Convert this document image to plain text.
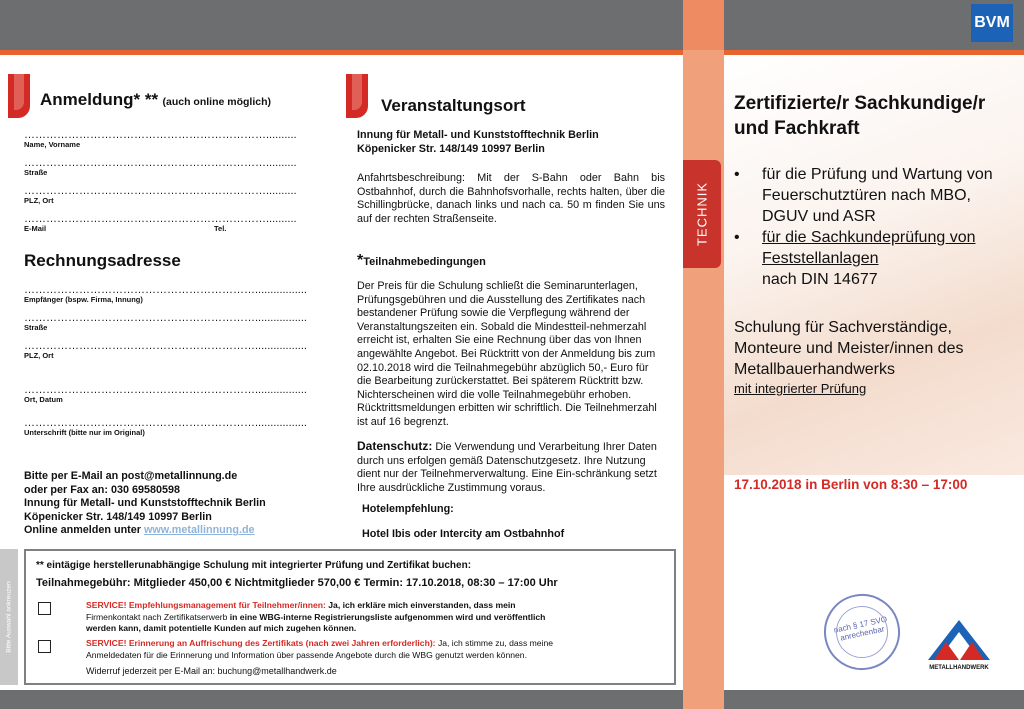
TECHNIK
BVM
Anmeldung* ** (auch online möglich)
…………………………………………………………..........
Name, Vorname
…………………………………………………………..........
Straße
…………………………………………………………..........
PLZ, Ort
…………………………………………………………..........
E-Mail	Tel.
Rechnungsadresse
……………………………………………………….................
Empfänger (bspw. Firma, Innung)
……………………………………………………….................
Straße
……………………………………………………….................
PLZ, Ort
……………………………………………………….................
Ort, Datum
……………………………………………………….................
Unterschrift (bitte nur im Original)
Bitte per E-Mail an post@metallinnung.de
oder per Fax an: 030 69580598
Innung für Metall- und Kunststofftechnik Berlin
Köpenicker Str. 148/149 10997 Berlin
Online anmelden unter www.metallinnung.de
Veranstaltungsort
Innung für Metall- und Kunststofftechnik Berlin
Köpenicker Str. 148/149 10997 Berlin
Anfahrtsbeschreibung: Mit der S-Bahn oder Bahn bis Ostbahnhof, durch die Bahnhofsvorhalle, rechts halten, über die Schillingbrücke, danach links und nach ca. 50 m finden Sie uns auf der rechten Straßenseite.
*Teilnahmebedingungen
Der Preis für die Schulung schließt die Seminarunterlagen, Prüfungsgebühren und die Ausstellung des Zertifikates nach bestandener Prüfung sowie die Verpflegung während der Veranstaltungszeiten ein. Sobald die Mindestteil-nehmerzahl erreicht ist, erhalten Sie eine Rechnung über das von Ihnen angewählte Angebot. Bei Rücktritt von der Anmeldung bis zum 02.10.2018 wird die Teilnahmegebühr abzüglich 50,- Euro für die Bearbeitung zurückerstattet. Bei späterem Rücktritt bzw. Nichterscheinen wird die volle Teilnahmegebühr erhoben. Rücktrittsmeldungen erbitten wir schriftlich. Die Teilnehmerzahl ist auf 16 begrenzt.
Datenschutz: Die Verwendung und Verarbeitung Ihrer Daten durch uns erfolgen gemäß Datenschutzgesetz. Ihre Nutzung dient nur der Teilnehmerverwaltung. Eine Ein-schränkung setzt Ihre ausdrückliche Zustimmung voraus.
Hotelempfehlung:
Hotel Ibis oder Intercity am Ostbahnhof
Zertifizierte/r Sachkundige/r und Fachkraft
•	für die Prüfung und Wartung von Feuerschutztüren nach MBO, DGUV und ASR
•	für die Sachkundeprüfung von Feststellanlagen
nach DIN 14677
Schulung für Sachverständige, Monteure und Meister/innen des Metallbauerhandwerks
mit integrierter Prüfung
17.10.2018 in Berlin von 8:30 – 17:00
nach § 17 SVO anrechenbar
METALLHANDWERK
Bitte Auswahl ankreuzen
** eintägige herstellerunabhängige Schulung mit integrierter Prüfung und Zertifikat buchen:
Teilnahmegebühr: Mitglieder 450,00 € Nichtmitglieder 570,00 € Termin: 17.10.2018, 08:30 – 17:00 Uhr
SERVICE! Empfehlungsmanagement für Teilnehmer/innen: Ja, ich erkläre mich einverstanden, dass mein
Firmenkontakt nach Zertifikatserwerb in eine WBG-interne Registrierungsliste aufgenommen wird und veröffentlich
werden kann, damit potentielle Kunden auf mich zugehen können.
SERVICE! Erinnerung an Auffrischung des Zertifikats (nach zwei Jahren erforderlich): Ja, ich stimme zu, dass meine
Anmeldedaten für die Erinnerung und Information über passende Angebote durch die WBG genutzt werden können.
Widerruf jederzeit per E-Mail an: buchung@metallhandwerk.de
